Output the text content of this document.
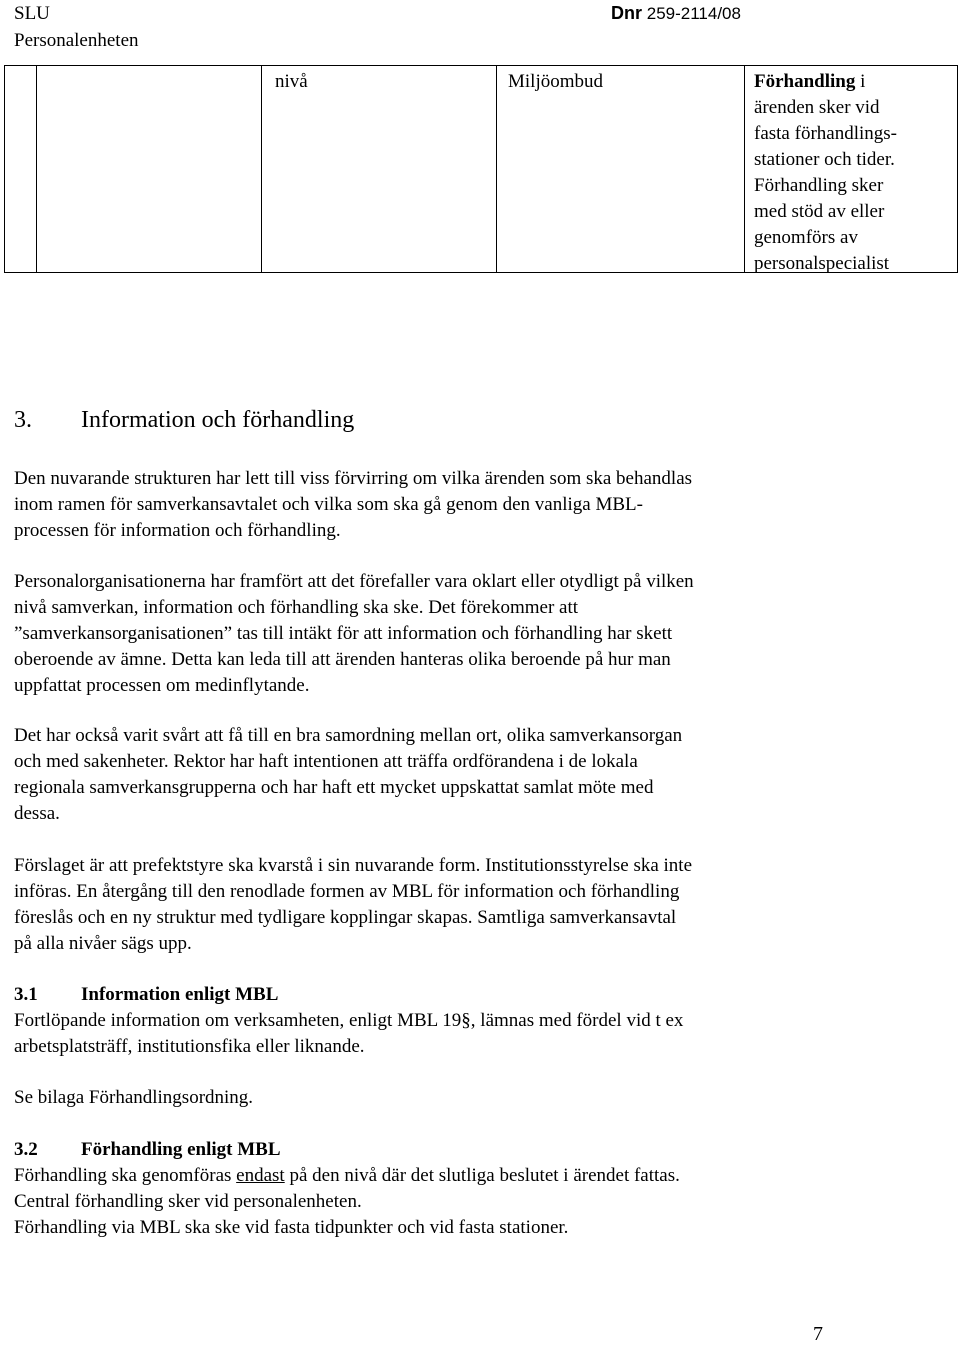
SLU
Personalenheten
Dnr 259-2114/08
nivå	Miljöombud	Förhandling i
ärenden sker vid
fasta förhandlings-
stationer och tider.
Förhandling sker
med stöd av eller
genomförs av
personalspecialist
3. Information och förhandling
Den nuvarande strukturen har lett till viss förvirring om vilka ärenden som ska behandlas
inom ramen för samverkansavtalet och vilka som ska gå genom den vanliga MBL-
processen för information och förhandling.
Personalorganisationerna har framfört att det förefaller vara oklart eller otydligt på vilken
nivå samverkan, information och förhandling ska ske. Det förekommer att
”samverkansorganisationen” tas till intäkt för att information och förhandling har skett
oberoende av ämne. Detta kan leda till att ärenden hanteras olika beroende på hur man
uppfattat processen om medinflytande.
Det har också varit svårt att få till en bra samordning mellan ort, olika samverkansorgan
och med sakenheter. Rektor har haft intentionen att träffa ordförandena i de lokala
regionala samverkansgrupperna och har haft ett mycket uppskattat samlat möte med
dessa.
Förslaget är att prefektstyre ska kvarstå i sin nuvarande form. Institutionsstyrelse ska inte
införas. En återgång till den renodlade formen av MBL för information och förhandling
föreslås och en ny struktur med tydligare kopplingar skapas. Samtliga samverkansavtal
på alla nivåer sägs upp.
3.1 Information enligt MBL
Fortlöpande information om verksamheten, enligt MBL 19§, lämnas med fördel vid t ex
arbetsplatsträff, institutionsfika eller liknande.
Se bilaga Förhandlingsordning.
3.2 Förhandling enligt MBL
Förhandling ska genomföras endast på den nivå där det slutliga beslutet i ärendet fattas.
Central förhandling sker vid personalenheten.
Förhandling via MBL ska ske vid fasta tidpunkter och vid fasta stationer.
7
